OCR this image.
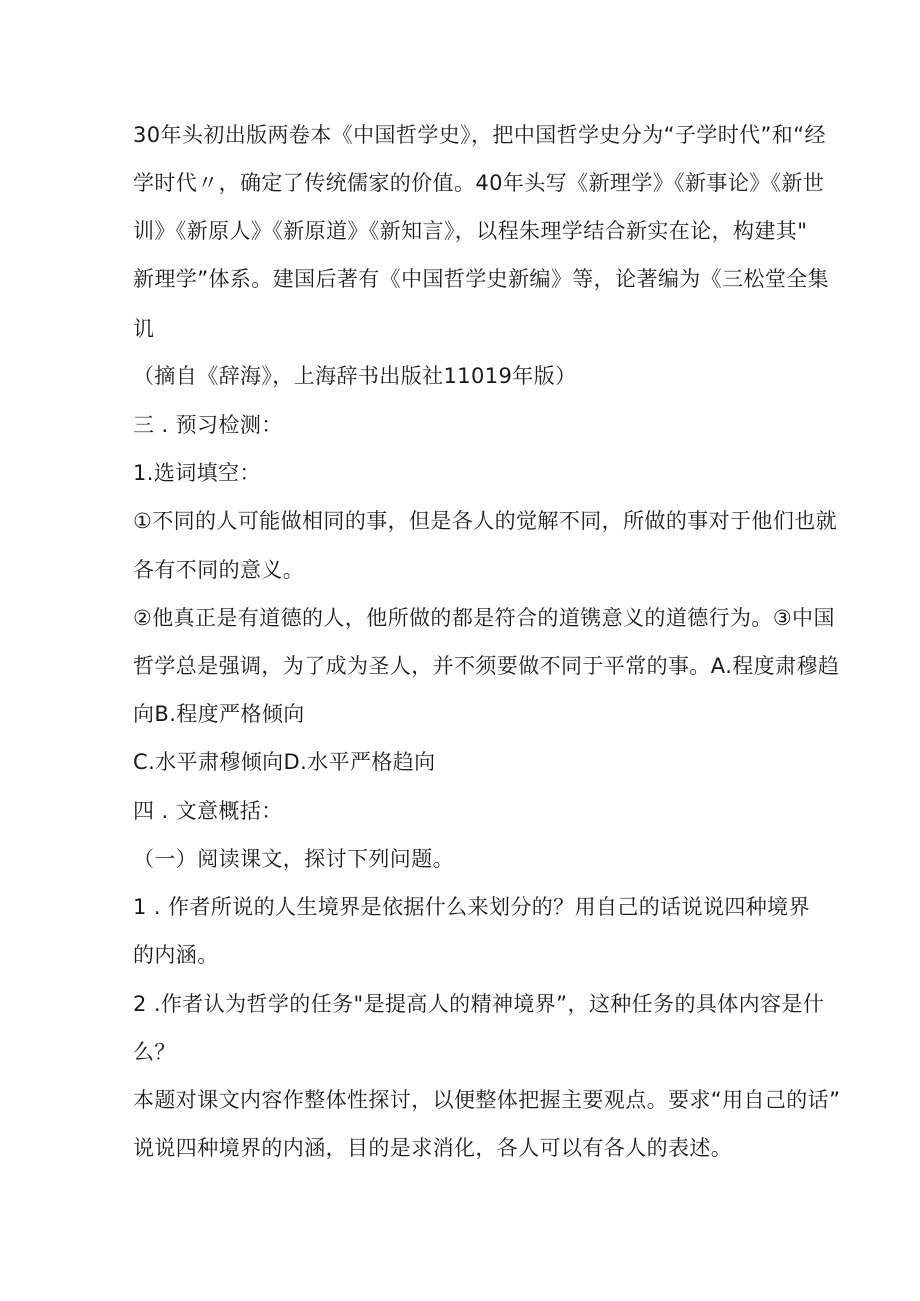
30年头初出版两卷本《中国哲学史》，把中国哲学史分为“子学时代”和“经
学时代〃，确定了传统儒家的价值。40年头写《新理学》《新事论》《新世
训》《新原人》《新原道》《新知言》，以程朱理学结合新实在论，构建其"
新理学”体系。建国后著有《中国哲学史新编》等，论著编为《三松堂全集
讥
（摘自《辞海》，上海辞书出版社11019年版）
三 . 预习检测：
1.选词填空：
①不同的人可能做相同的事，但是各人的觉解不同，所做的事对于他们也就
各有不同的意义。
②他真正是有道德的人，他所做的都是符合的道镌意义的道德行为。③中国
哲学总是强调，为了成为圣人，并不须要做不同于平常的事。A.程度肃穆趋
向B.程度严格倾向
C.水平肃穆倾向D.水平严格趋向
四 . 文意概括：
（一）阅读课文，探讨下列问题。
1 . 作者所说的人生境界是依据什么来划分的？用自己的话说说四种境界
的内涵。
2 .作者认为哲学的任务"是提高人的精神境界”，这种任务的具体内容是什
么？
本题对课文内容作整体性探讨，以便整体把握主要观点。要求“用自己的话”
说说四种境界的内涵，目的是求消化，各人可以有各人的表述。
